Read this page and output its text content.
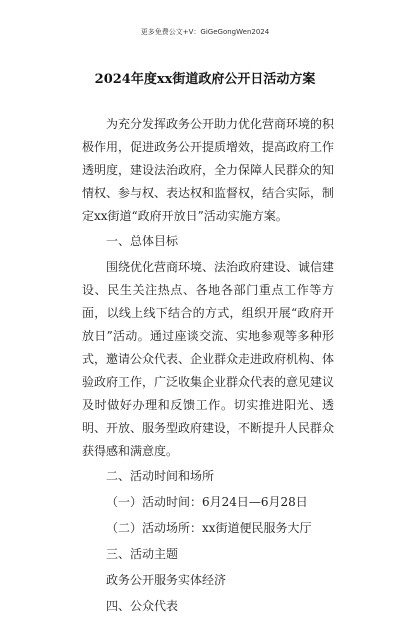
更多免费公文+V：GiGeGongWen2024
2024年度xx街道政府公开日活动方案

为充分发挥政务公开助力优化营商环境的积极作用，促进政务公开提质增效，提高政府工作透明度，建设法治政府，全力保障人民群众的知情权、参与权、表达权和监督权，结合实际，制定xx街道“政府开放日”活动实施方案。

一、总体目标

围绕优化营商环境、法治政府建设、诚信建设、民生关注热点、各地各部门重点工作等方面，以线上线下结合的方式，组织开展“政府开放日”活动。通过座谈交流、实地参观等多种形式，邀请公众代表、企业群众走进政府机构、体验政府工作，广泛收集企业群众代表的意见建议及时做好办理和反馈工作。切实推进阳光、透明、开放、服务型政府建设，不断提升人民群众获得感和满意度。

二、活动时间和场所

（一）活动时间：6月24日—6月28日

（二）活动场所：xx街道便民服务大厅

三、活动主题

政务公开服务实体经济

四、公众代表
